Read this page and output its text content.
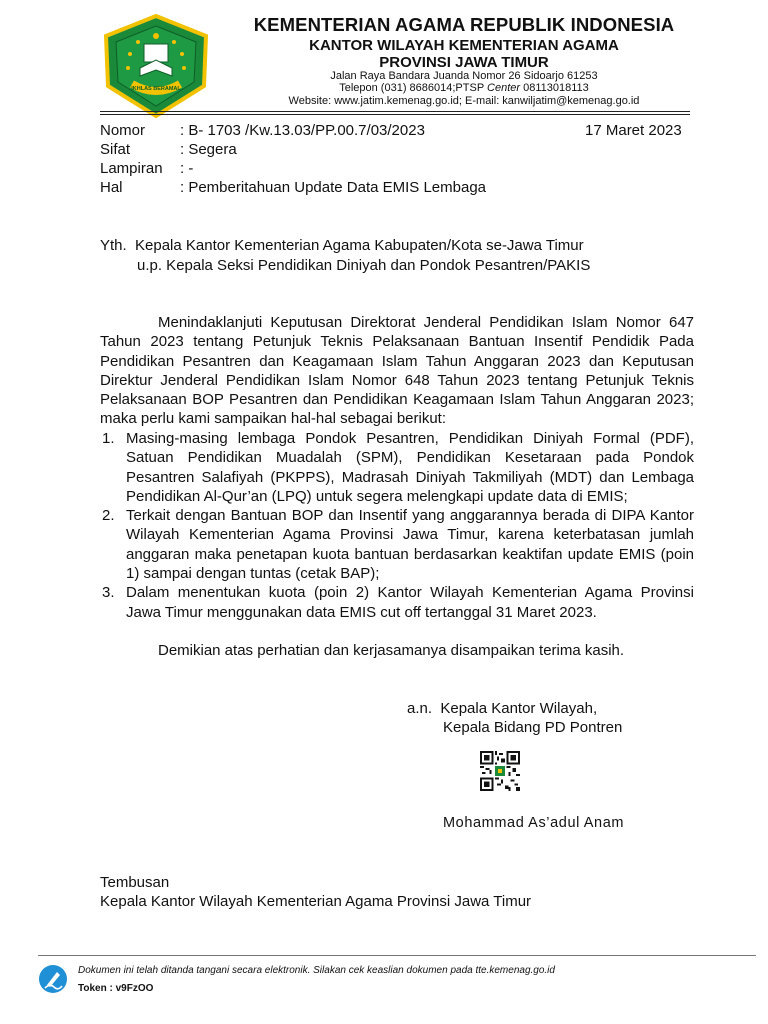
IKHLAS BERAMAL
KEMENTERIAN AGAMA REPUBLIK INDONESIA
KANTOR WILAYAH KEMENTERIAN AGAMA
PROVINSI JAWA TIMUR
Jalan Raya Bandara Juanda Nomor 26 Sidoarjo 61253
Telepon (031) 8686014;PTSP Center 08113018113
Website: www.jatim.kemenag.go.id; E-mail: kanwiljatim@kemenag.go.id
Nomor : B- 1703 /Kw.13.03/PP.00.7/03/2023	17 Maret 2023
Sifat	: Segera
Lampiran : -
Hal	: Pemberitahuan Update Data EMIS Lembaga
Yth.  Kepala Kantor Kementerian Agama Kabupaten/Kota se-Jawa Timur
u.p. Kepala Seksi Pendidikan Diniyah dan Pondok Pesantren/PAKIS
Menindaklanjuti Keputusan Direktorat Jenderal Pendidikan Islam Nomor 647 Tahun 2023 tentang Petunjuk Teknis Pelaksanaan Bantuan Insentif Pendidik Pada Pendidikan Pesantren dan Keagamaan Islam Tahun Anggaran 2023 dan Keputusan Direktur Jenderal Pendidikan Islam Nomor 648 Tahun 2023 tentang Petunjuk Teknis Pelaksanaan BOP Pesantren dan Pendidikan Keagamaan Islam Tahun Anggaran 2023; maka perlu kami sampaikan hal-hal sebagai berikut:
1. Masing-masing lembaga Pondok Pesantren, Pendidikan Diniyah Formal (PDF), Satuan Pendidikan Muadalah (SPM), Pendidikan Kesetaraan pada Pondok Pesantren Salafiyah (PKPPS), Madrasah Diniyah Takmiliyah (MDT) dan Lembaga Pendidikan Al-Qur’an (LPQ) untuk segera melengkapi update data di EMIS;
2. Terkait dengan Bantuan BOP dan Insentif yang anggarannya berada di DIPA Kantor Wilayah Kementerian Agama Provinsi Jawa Timur, karena keterbatasan jumlah anggaran maka penetapan kuota bantuan berdasarkan keaktifan update EMIS (poin 1) sampai dengan tuntas (cetak BAP);
3. Dalam menentukan kuota (poin 2) Kantor Wilayah Kementerian Agama Provinsi Jawa Timur menggunakan data EMIS cut off tertanggal 31 Maret 2023.
Demikian atas perhatian dan kerjasamanya disampaikan terima kasih.
a.n.  Kepala Kantor Wilayah,
Kepala Bidang PD Pontren
Mohammad As’adul Anam
Tembusan
Kepala Kantor Wilayah Kementerian Agama Provinsi Jawa Timur
Dokumen ini telah ditanda tangani secara elektronik. Silakan cek keaslian dokumen pada tte.kemenag.go.id
Token : v9FzOO
